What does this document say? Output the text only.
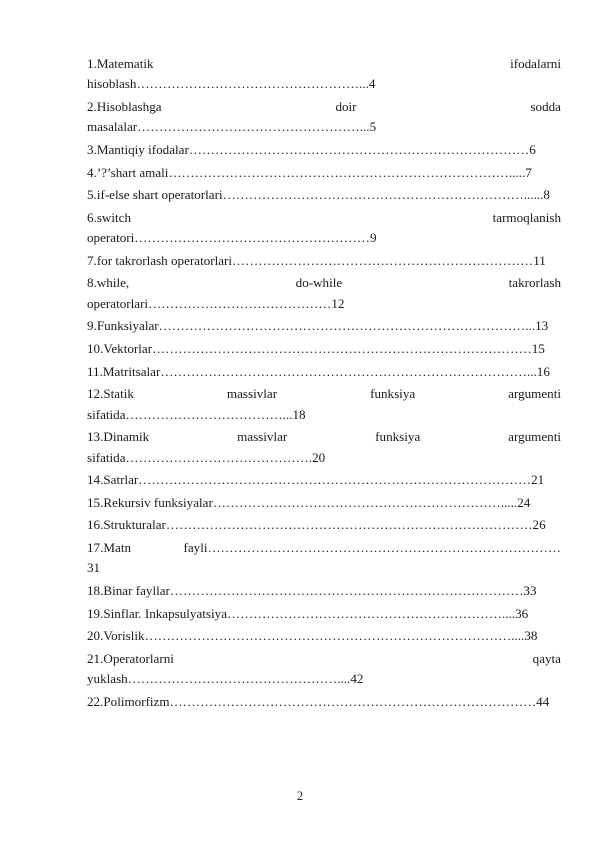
1.Matematik	ifodalarni
hisoblash……………………………………………...4

2.Hisoblashga	doir	sodda
masalalar……………………………………………...5

3.Mantiqiy ifodalar……………………………………………………………………6

4.’?’shart amali…………………………………………………………………….....7

5.if-else shart operatorlari……………………………………………………………......8

6.switch	tarmoqlanish
operatori………………………………………………9

7.for takrorlash operatorlari……………………………………………………………11

8.while,	do-while	takrorlash
operatorlari……………………………………12

9.Funksiyalar…………………………………………………………………………...13

10.Vektorlar……………………………………………………………………………15

11.Matritsalar…………………………………………………………………………...16

12.Statik	massivlar	funksiya	argumenti
sifatida………………………………...18

13.Dinamik	massivlar	funksiya	argumenti
sifatida…………………………………….20

14.Satrlar………………………………………………………………………………21

15.Rekursiv funksiyalar………………………………………………………….....24

16.Strukturalar…………………………………………………………………………26

17.Matn	fayli………………………………………………………………………
31

18.Binar fayllar………………………………………………………………………33

19.Sinflar. Inkapsulyatsiya………………………………………………………....36

20.Vorislik…………………………………………………………………………....38

21.Operatorlarni	qayta
yuklash…………………………………………....42

22.Polimorfizm…………………………………………………………………………44

2
